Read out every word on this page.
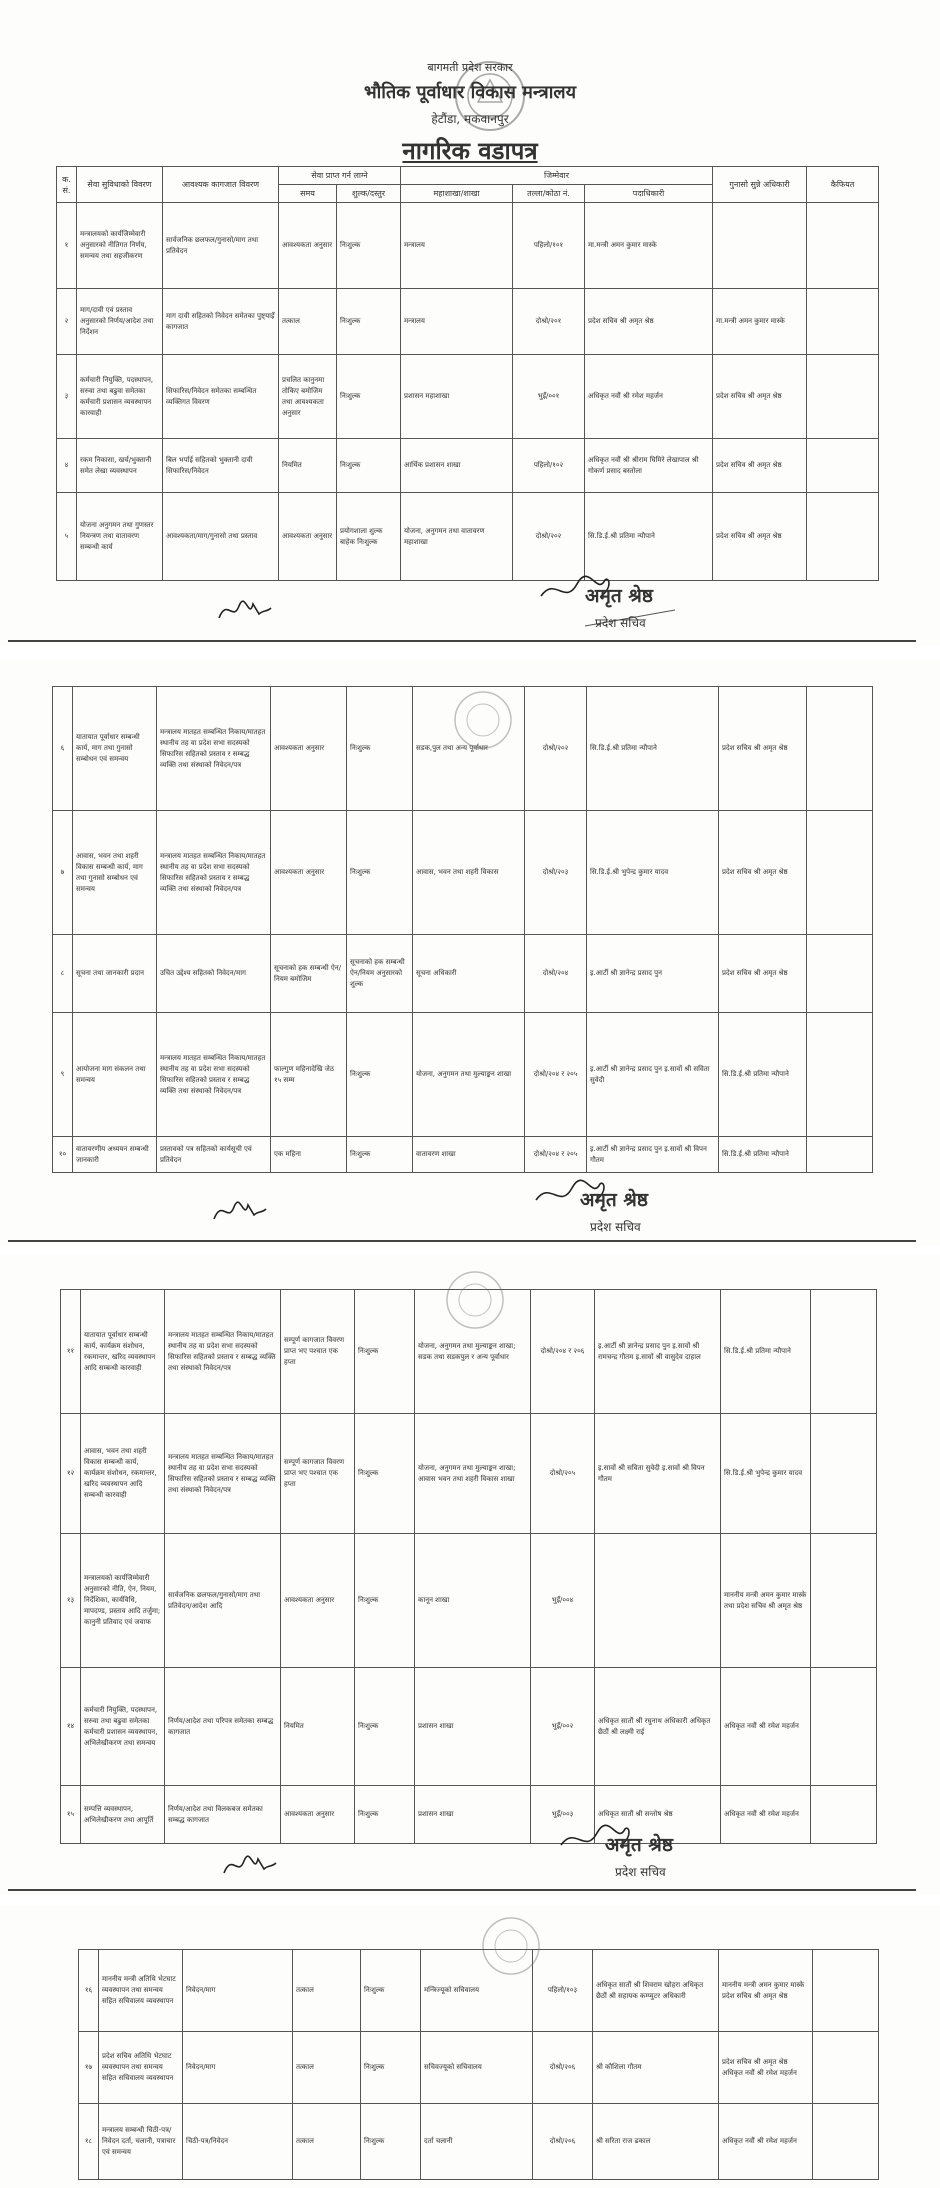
बागमती प्रदेश सरकार
भौतिक पूर्वाधार विकास मन्त्रालय
हेटौंडा, मकवानपुर
नागरिक वडापत्र
क.सं.	सेवा सुविधाको विवरण	आवश्यक कागजात विवरण	सेवा प्राप्त गर्न लाग्ने		जिम्मेवार			गुनासो सुन्ने अधिकारी	कैफियत
			समय	शुल्क/दस्तुर	महाशाखा/शाखा	तल्ला/कोठा नं.	पदाधिकारी		
१	मन्त्रालयको कार्यजिम्मेवारी अनुसारको नीतिगत निर्णय, समन्वय तथा सहजीकरण	सार्वजनिक छलफल/गुनासो/माग तथा प्रतिवेदन	आवश्यकता अनुसार	निःशुल्क	मन्त्रालय	पहिलो/१०१	मा.मन्त्री अमन कुमार मास्के		
२	माग/दावी एवं प्रस्ताव अनुसारको निर्णय/आदेश तथा निर्देशन	माग दावी सहितको निवेदन समेतका पुष्ट्याइँ कागजात	तत्काल	निःशुल्क	मन्त्रालय	दोश्रो/२०१	प्रदेश सचिव श्री अमृत श्रेष्ठ	मा.मन्त्री अमन कुमार मास्के	
३	कर्मचारी नियुक्ति, पदस्थापन, सरुवा तथा बढुवा समेतका कर्मचारी प्रशासन व्यवस्थापन कारवाही	सिफारिस/निवेदन समेतका सम्बन्धित व्यक्तिगत विवरण	प्रचलित कानुनमा तोकिए बमोजिम तथा आवश्यकता अनुसार	निःशुल्क	प्रशासन महाशाखा	भुइँ/००१	अधिकृत नवौं श्री रमेश महर्जन	प्रदेश सचिव श्री अमृत श्रेष्ठ	
४	रकम निकासा, खर्च/भुक्तानी समेत लेखा व्यवस्थापन	बिल भर्पाई सहितको भुक्तानी दावी सिफारिस/निवेदन	नियमित	निःशुल्क	आर्थिक प्रशासन शाखा	पहिलो/१०२	अधिकृत नवौं श्री श्रीराम घिमिरे लेखापाल श्री गोकर्ण प्रसाद बस्तोला	प्रदेश सचिव श्री अमृत श्रेष्ठ	
५	योजना अनुगमन तथा गुणस्तर नियन्त्रण तथा वातावरण सम्बन्धी कार्य	आवश्यकता/माग/गुनासो तथा प्रस्ताव	आवश्यकता अनुसार	प्रयोगशाला शुल्क बाहेक निःशुल्क	योजना, अनुगमन तथा वातावरण महाशाखा	दोश्रो/२०२	सि.डि.ई.श्री प्रतिमा न्यौपाने	प्रदेश सचिव श्री अमृत श्रेष्ठ	
अमृत श्रेष्ठ
प्रदेश सचिव
६	यातायात पूर्वाधार सम्बन्धी कार्य, माग तथा गुनासो सम्बोधन एवं समन्वय	मन्त्रालय मातहत सम्बन्धित निकाय/मातहत स्थानीय तह वा प्रदेश सभा सदस्यको सिफारिस सहितको प्रस्ताव र सम्बद्ध व्यक्ति तथा संस्थाको निवेदन/पत्र	आवश्यकता अनुसार	निःशुल्क	सडक,पुल तथा अन्य पूर्वाधार	दोश्रो/२०२	सि.डि.ई.श्री प्रतिमा न्यौपाने	प्रदेश सचिव श्री अमृत श्रेष्ठ	
७	आवास, भवन तथा शहरी विकास सम्बन्धी कार्य, माग तथा गुनासो सम्बोधन एवं समन्वय	मन्त्रालय मातहत सम्बन्धित निकाय/मातहत स्थानीय तह वा प्रदेश सभा सदस्यको सिफारिस सहितको प्रस्ताव र सम्बद्ध व्यक्ति तथा संस्थाको निवेदन/पत्र	आवश्यकता अनुसार	निःशुल्क	आवास, भवन तथा शहरी विकास	दोश्रो/२०३	सि.डि.ई.श्री भुपेन्द्र कुमार यादव	प्रदेश सचिव श्री अमृत श्रेष्ठ	
८	सूचना तथा जानकारी प्रदान	उचित उद्देश्य सहितको निवेदन/माग	सूचनाको हक सम्बन्धी ऐन/नियम बमोजिम	सूचनाको हक सम्बन्धी ऐन/नियम अनुसारको शुल्क	सूचना अधिकारी	दोश्रो/२०४	इ.आर्टी श्री ज्ञानेन्द्र प्रसाद पुन	प्रदेश सचिव श्री अमृत श्रेष्ठ	
९	आयोजना माग संकलन तथा समन्वय	मन्त्रालय मातहत सम्बन्धित निकाय/मातहत स्थानीय तह वा प्रदेश सभा सदस्यको सिफारिस सहितको प्रस्ताव र सम्बद्ध व्यक्ति तथा संस्थाको निवेदन/पत्र	फाल्गुण महिनादेखि जेठ १५ सम्म	निःशुल्क	योजना, अनुगमन तथा मुल्याङ्कन शाखा	दोश्रो/२०४ र २०५	इ.आर्टी श्री ज्ञानेन्द्र प्रसाद पुन इ.सावों श्री सविता सुवेदी	सि.डि.ई.श्री प्रतिमा न्यौपाने	
१०	वातावरणीय अध्ययन सम्बन्धी जानकारी	प्रस्तावको पत्र सहितको कार्यसूची एवं प्रतिवेदन	एक महिना	निःशुल्क	वातावरण शाखा	दोश्रो/२०४ र २०५	इ.आर्टी श्री ज्ञानेन्द्र प्रसाद पुन इ.सावों श्री विपन गौतम	सि.डि.ई.श्री प्रतिमा न्यौपाने	
अमृत श्रेष्ठ
प्रदेश सचिव
११	यातायात पूर्वाधार सम्बन्धी कार्य, कार्यक्रम संशोधन, रकमान्तर, खरिद व्यवस्थापन आदि सम्बन्धी कारवाही	मन्त्रालय मातहत सम्बन्धित निकाय/मातहत स्थानीय तह वा प्रदेश सभा सदस्यको सिफारिस सहितको प्रस्ताव र सम्बद्ध व्यक्ति तथा संस्थाको निवेदन/पत्र	सम्पूर्ण कागजात विवरण प्राप्त भए पश्चात एक हप्ता	निःशुल्क	योजना, अनुगमन तथा मुल्याङ्कन शाखा; सडक तथा सडकपुल र अन्य पूर्वाधार	दोश्रो/२०४ र २०६	इ.आर्टी श्री ज्ञानेन्द्र प्रसाद पुन इ.सावों श्री रामचन्द्र गौतम इ.सावों श्री वासुदेव दाहाल	सि.डि.ई.श्री प्रतिमा न्यौपाने	
१२	आवास, भवन तथा शहरी विकास सम्बन्धी कार्य, कार्यक्रम संशोधन, रकमान्तर, खरिद व्यवस्थापन आदि सम्बन्धी कारवाही	मन्त्रालय मातहत सम्बन्धित निकाय/मातहत स्थानीय तह वा प्रदेश सभा सदस्यको सिफारिस सहितको प्रस्ताव र सम्बद्ध व्यक्ति तथा संस्थाको निवेदन/पत्र	सम्पूर्ण कागजात विवरण प्राप्त भए पश्चात एक हप्ता	निःशुल्क	योजना, अनुगमन तथा मुल्याङ्कन शाखा; आवास भवन तथा शहरी विकास शाखा	दोश्रो/२०५	इ.सावों श्री सविता सुवेदी इ.सावों श्री विपन गौतम	सि.डि.ई.श्री भुपेन्द्र कुमार यादव	
१३	मन्त्रालयको कार्यजिम्मेवारी अनुसारको नीति, ऐन, नियम, निर्देशिका, कार्यविधि, मापदण्ड, प्रस्ताव आदि तर्जुमा; कानुनी प्रतिवाद एवं जवाफ	सार्वजनिक छलफल/गुनासो/माग तथा प्रतिवेदन/आदेश आदि	आवश्यकता अनुसार	निःशुल्क	कानून शाखा	भुइँ/००४		माननीय मन्त्री अमन कुमार मास्के तथा प्रदेश सचिव श्री अमृत श्रेष्ठ	
१४	कर्मचारी नियुक्ति, पदस्थापन, सरुवा तथा बढुवा समेतका कर्मचारी प्रशासन व्यवस्थापन, अभिलेखीकरण तथा समन्वय	निर्णय/आदेश तथा परिपत्र समेतका सम्बद्ध कागजात	नियमित	निःशुल्क	प्रशासन शाखा	भुइँ/००२	अधिकृत सातौं श्री रघुनाथ अधिकारी अधिकृत छैठौं श्री लक्ष्मी राई	अधिकृत नवौं श्री रमेश महर्जन	
१५	सम्पत्ति व्यवस्थापन, अभिलेखीकरण तथा आपूर्ति	निर्णय/आदेश तथा विलकबज समेतका सम्बद्ध कागजात	आवश्यकता अनुसार	निःशुल्क	प्रशासन शाखा	भुइँ/००३	अधिकृत सातौं श्री सन्तोष श्रेष्ठ	अधिकृत नवौं श्री रमेश महर्जन	
अमृत श्रेष्ठ
प्रदेश सचिव
१६	माननीय मन्त्री अतिथि भेटघाट व्यवस्थापन तथा समन्वय सहित सचिवालय व्यवस्थापन	निवेदन/माग	तत्काल	निःशुल्क	मन्त्रिज्यूको सचिवालय	पहिलो/१०३	अधिकृत सातौं श्री शिवराम खोहरा अधिकृत छैठौं श्री सहायक कम्प्युटर अधिकारी	माननीय मन्त्री अमन कुमार मास्के प्रदेश सचिव श्री अमृत श्रेष्ठ	
१७	प्रदेश सचिव अतिथि भेटघाट व्यवस्थापन तथा समन्वय सहित सचिवालय व्यवस्थापन	निवेदन/माग	तत्काल	निःशुल्क	सचिवज्यूको सचिवालय	दोश्रो/२०६	श्री कौशिला गौतम	प्रदेश सचिव श्री अमृत श्रेष्ठ अधिकृत नवौं श्री रमेश महर्जन	
१८	मन्त्रालय सम्बन्धी चिठी-पत्र/निवेदन दर्ता, चलानी, पत्राचार एवं समन्वय	चिठी-पत्र/निवेदन	तत्काल	निःशुल्क	दर्ता चलानी	दोश्रो/२०६	श्री सरिता राज ढकाल	अधिकृत नवौं श्री रमेश महर्जन	
